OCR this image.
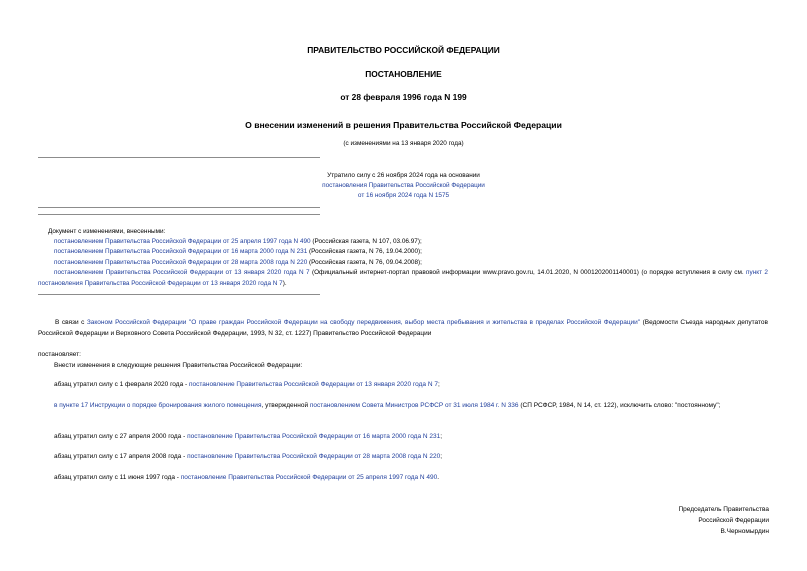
ПРАВИТЕЛЬСТВО РОССИЙСКОЙ ФЕДЕРАЦИИ
ПОСТАНОВЛЕНИЕ
от 28 февраля 1996 года N 199
О внесении изменений в решения Правительства Российской Федерации
(с изменениями на 13 января 2020 года)
Утратило силу с 26 ноября 2024 года на основании
постановления Правительства Российской Федерации
от 16 ноября 2024 года N 1575
Документ с изменениями, внесенными:
постановлением Правительства Российской Федерации от 25 апреля 1997 года N 490 (Российская газета, N 107, 03.06.97);
постановлением Правительства Российской Федерации от 16 марта 2000 года N 231 (Российская газета, N 76, 19.04.2000);
постановлением Правительства Российской Федерации от 28 марта 2008 года N 220 (Российская газета, N 76, 09.04.2008);
постановлением Правительства Российской Федерации от 13 января 2020 года N 7 (Официальный интернет-портал правовой информации www.pravo.gov.ru, 14.01.2020, N 0001202001140001) (о порядке вступления в силу см. пункт 2 постановления Правительства Российской Федерации от 13 января 2020 года N 7).
В связи с Законом Российской Федерации "О праве граждан Российской Федерации на свободу передвижения, выбор места пребывания и жительства в пределах Российской Федерации" (Ведомости Съезда народных депутатов Российской Федерации и Верховного Совета Российской Федерации, 1993, N 32, ст. 1227) Правительство Российской Федерации
постановляет:
Внести изменения в следующие решения Правительства Российской Федерации:
абзац утратил силу с 1 февраля 2020 года - постановление Правительства Российской Федерации от 13 января 2020 года N 7;
в пункте 17 Инструкции о порядке бронирования жилого помещения, утвержденной постановлением Совета Министров РСФСР от 31 июля 1984 г. N 336 (СП РСФСР, 1984, N 14, ст. 122), исключить слово: "постоянному";
абзац утратил силу с 27 апреля 2000 года - постановление Правительства Российской Федерации от 16 марта 2000 года N 231;
абзац утратил силу с 17 апреля 2008 года - постановление Правительства Российской Федерации от 28 марта 2008 года N 220;
абзац утратил силу с 11 июня 1997 года - постановление Правительства Российской Федерации от 25 апреля 1997 года N 490.
Председатель Правительства
Российской Федерации
В.Черномырдин
